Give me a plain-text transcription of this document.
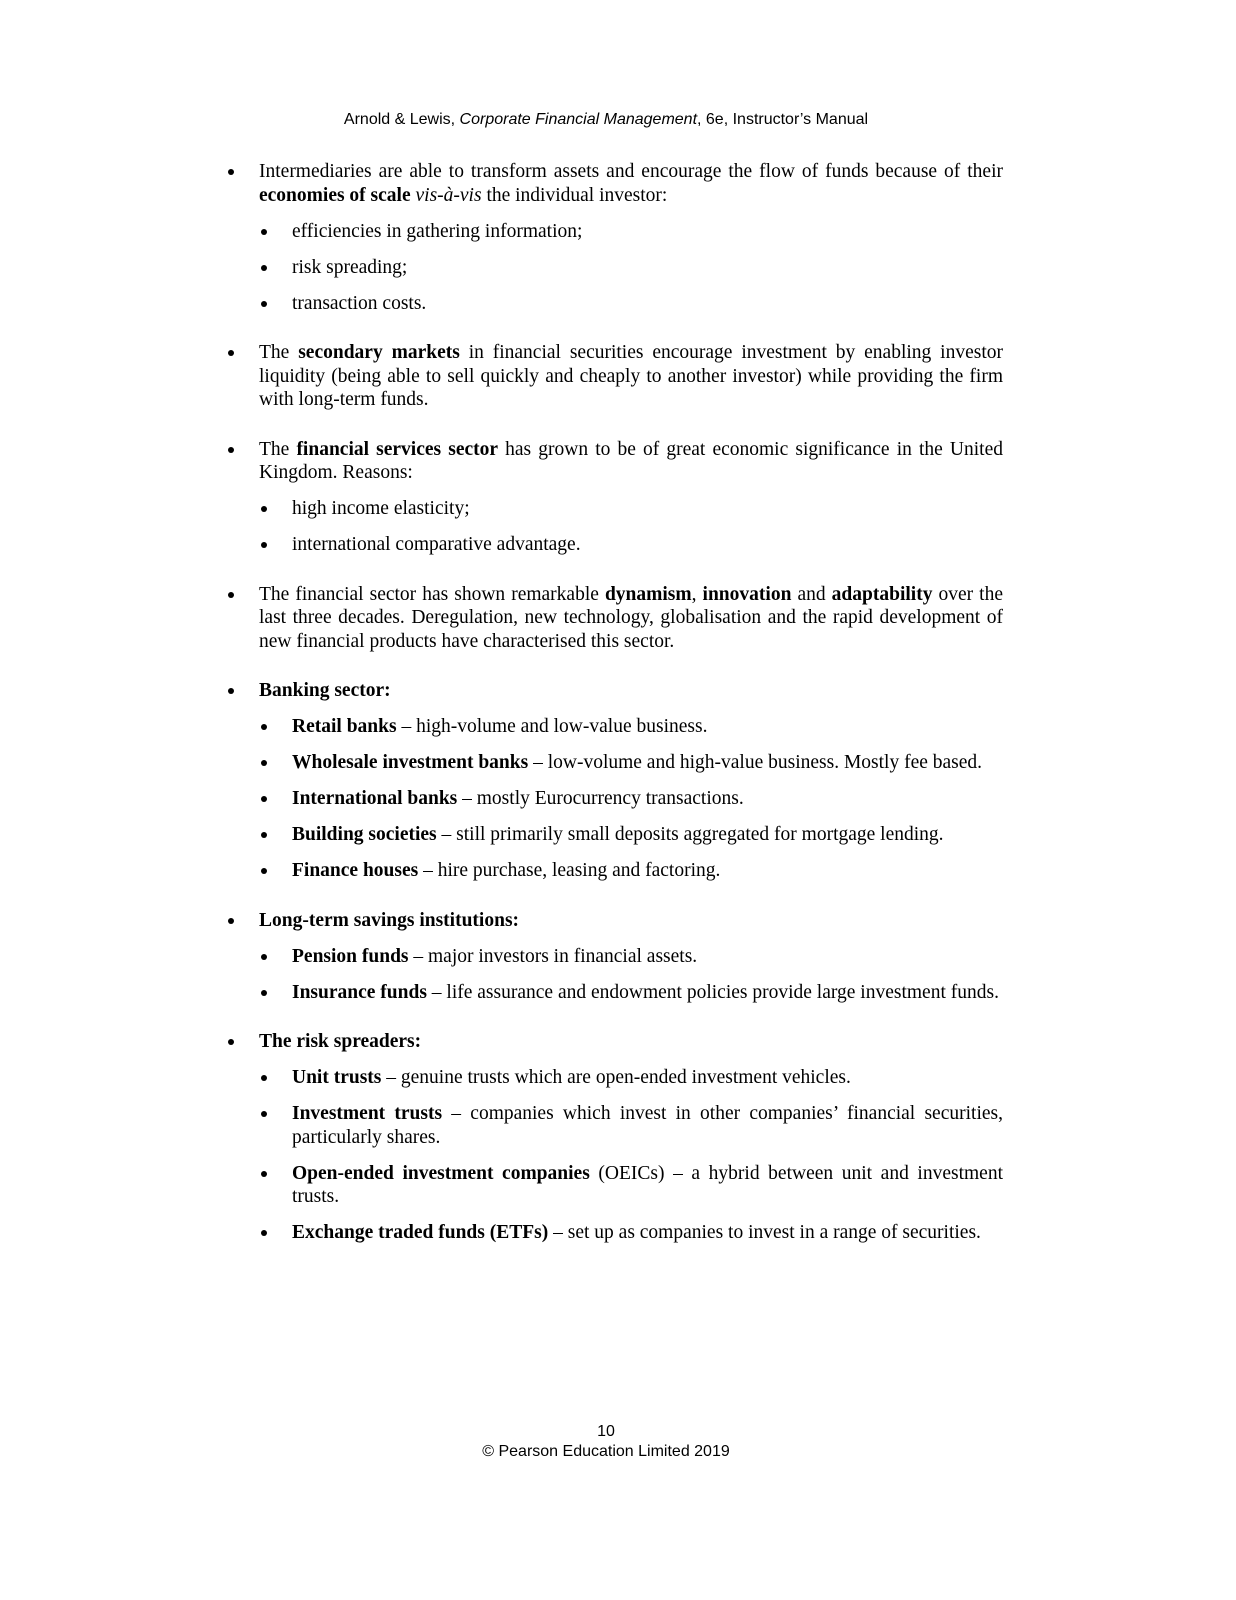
Arnold & Lewis, Corporate Financial Management, 6e, Instructor’s Manual
Intermediaries are able to transform assets and encourage the flow of funds because of their economies of scale vis-à-vis the individual investor:
efficiencies in gathering information;
risk spreading;
transaction costs.
The secondary markets in financial securities encourage investment by enabling investor liquidity (being able to sell quickly and cheaply to another investor) while providing the firm with long-term funds.
The financial services sector has grown to be of great economic significance in the United Kingdom. Reasons:
high income elasticity;
international comparative advantage.
The financial sector has shown remarkable dynamism, innovation and adaptability over the last three decades. Deregulation, new technology, globalisation and the rapid development of new financial products have characterised this sector.
Banking sector:
Retail banks – high-volume and low-value business.
Wholesale investment banks – low-volume and high-value business. Mostly fee based.
International banks – mostly Eurocurrency transactions.
Building societies – still primarily small deposits aggregated for mortgage lending.
Finance houses – hire purchase, leasing and factoring.
Long-term savings institutions:
Pension funds – major investors in financial assets.
Insurance funds – life assurance and endowment policies provide large investment funds.
The risk spreaders:
Unit trusts – genuine trusts which are open-ended investment vehicles.
Investment trusts – companies which invest in other companies’ financial securities, particularly shares.
Open-ended investment companies (OEICs) – a hybrid between unit and investment trusts.
Exchange traded funds (ETFs) – set up as companies to invest in a range of securities.
10
© Pearson Education Limited 2019
